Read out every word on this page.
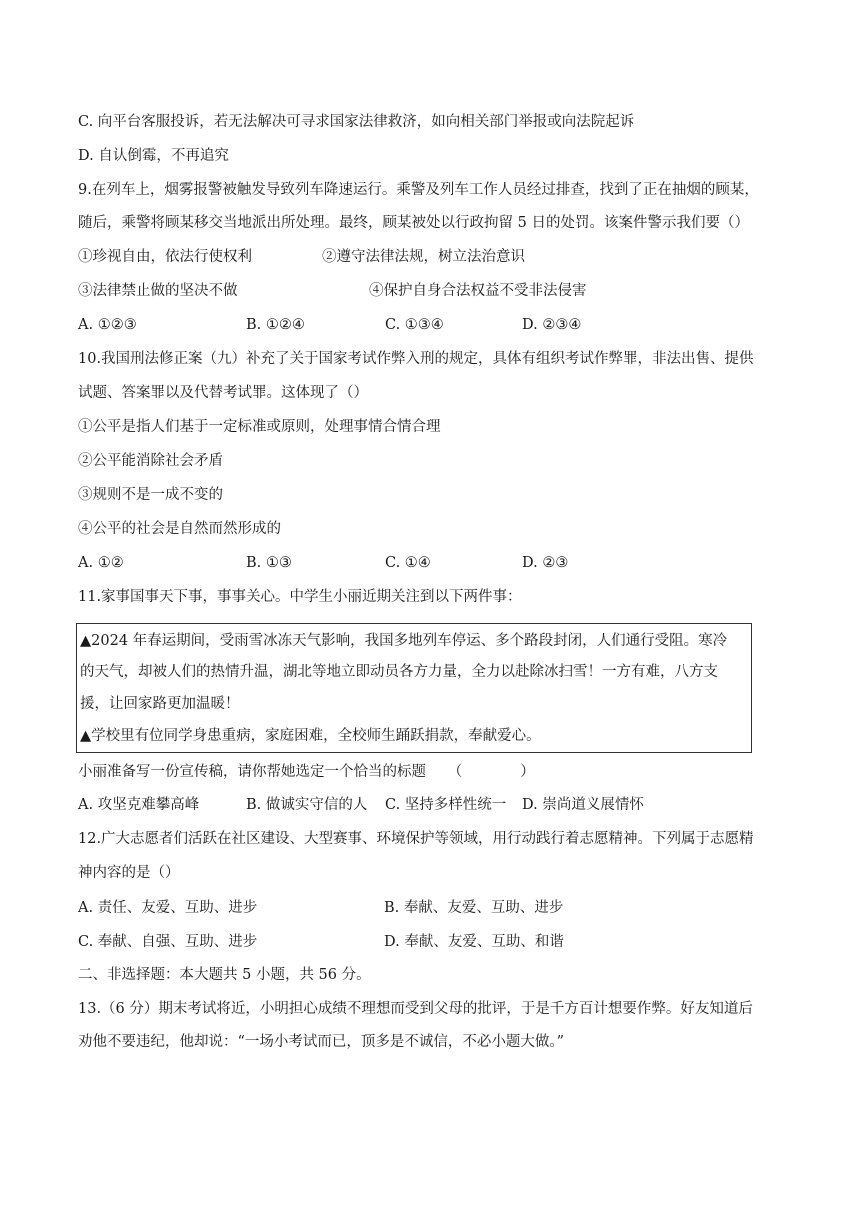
C. 向平台客服投诉，若无法解决可寻求国家法律救济，如向相关部门举报或向法院起诉
D. 自认倒霉，不再追究
9.在列车上，烟雾报警被触发导致列车降速运行。乘警及列车工作人员经过排查，找到了正在抽烟的顾某，
随后，乘警将顾某移交当地派出所处理。最终，顾某被处以行政拘留 5 日的处罚。该案件警示我们要（）
①珍视自由，依法行使权利	②遵守法律法规，树立法治意识
③法律禁止做的坚决不做	④保护自身合法权益不受非法侵害
A. ①②③	B. ①②④	C. ①③④	D. ②③④
10.我国刑法修正案（九）补充了关于国家考试作弊入刑的规定，具体有组织考试作弊罪，非法出售、提供
试题、答案罪以及代替考试罪。这体现了（）
①公平是指人们基于一定标准或原则，处理事情合情合理
②公平能消除社会矛盾
③规则不是一成不变的
④公平的社会是自然而然形成的
A. ①②	B. ①③	C. ①④	D. ②③
11.家事国事天下事，事事关心。中学生小丽近期关注到以下两件事：
▲2024 年春运期间，受雨雪冰冻天气影响，我国多地列车停运、多个路段封闭，人们通行受阻。寒冷
的天气，却被人们的热情升温，湖北等地立即动员各方力量，全力以赴除冰扫雪！一方有难，八方支
援，让回家路更加温暖！
▲学校里有位同学身患重病，家庭困难，全校师生踊跃捐款，奉献爱心。
小丽准备写一份宣传稿，请你帮她选定一个恰当的标题　　（　　　　）
A. 攻坚克难攀高峰	B. 做诚实守信的人 C. 坚持多样性统一 D. 崇尚道义展情怀
12.广大志愿者们活跃在社区建设、大型赛事、环境保护等领域，用行动践行着志愿精神。下列属于志愿精
神内容的是（）
A. 责任、友爱、互助、进步	B. 奉献、友爱、互助、进步
C. 奉献、自强、互助、进步	D. 奉献、友爱、互助、和谐
二、非选择题：本大题共 5 小题，共 56 分。
13.（6 分）期末考试将近，小明担心成绩不理想而受到父母的批评，于是千方百计想要作弊。好友知道后
劝他不要违纪，他却说：“一场小考试而已，顶多是不诚信，不必小题大做。”
